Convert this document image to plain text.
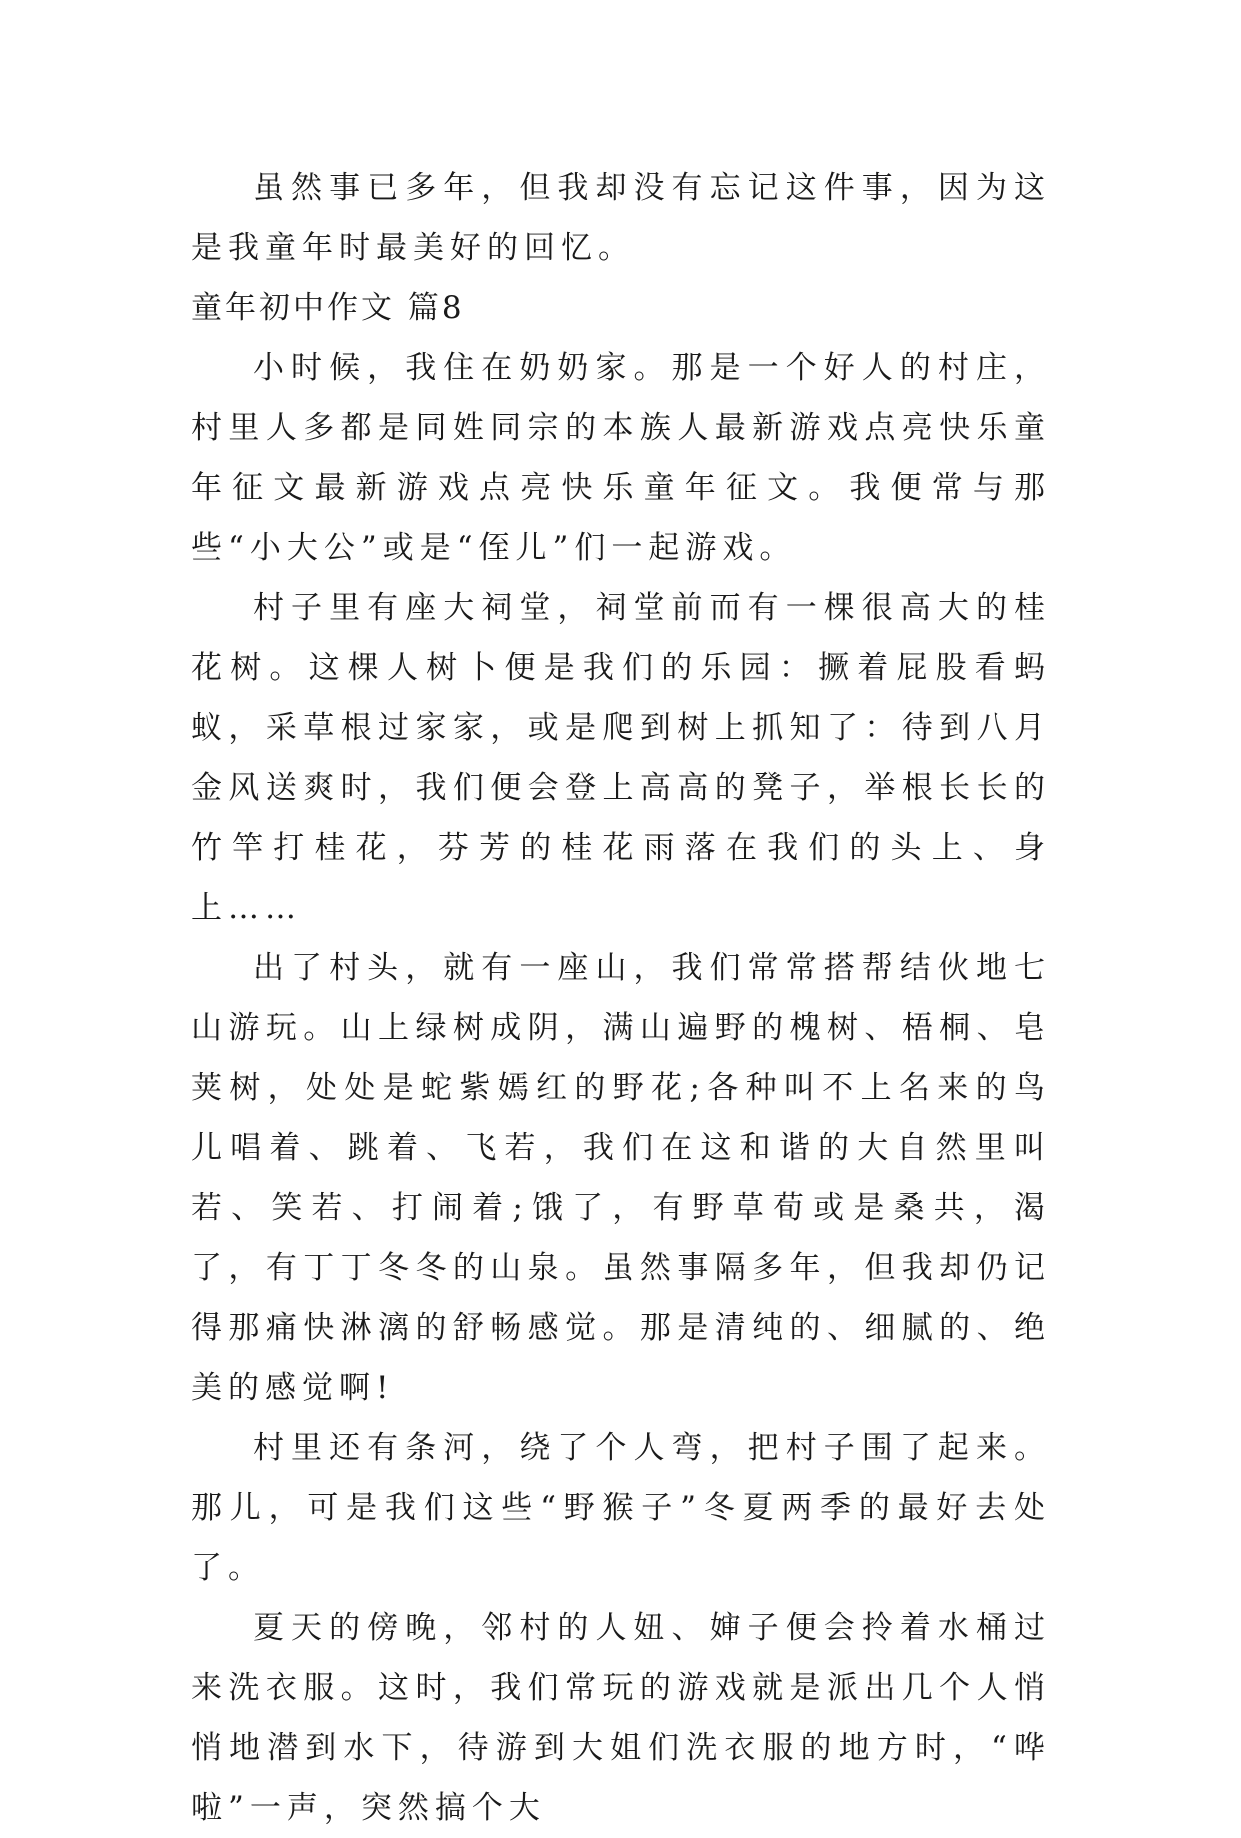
虽然事已多年，但我却没有忘记这件事，因为这是我童年时最美好的回忆。

童年初中作文 篇8

小时候，我住在奶奶家。那是一个好人的村庄，村里人多都是同姓同宗的本族人最新游戏点亮快乐童年征文最新游戏点亮快乐童年征文。我便常与那些“小大公”或是“侄儿”们一起游戏。

村子里有座大祠堂，祠堂前而有一棵很高大的桂花树。这棵人树卜便是我们的乐园：撅着屁股看蚂蚁，采草根过家家，或是爬到树上抓知了：待到八月金风送爽时，我们便会登上高高的凳子，举根长长的竹竿打桂花，芬芳的桂花雨落在我们的头上、身上……

出了村头，就有一座山，我们常常搭帮结伙地七山游玩。山上绿树成阴，满山遍野的槐树、梧桐、皂荚树，处处是蛇紫嫣红的野花;各种叫不上名来的鸟儿唱着、跳着、飞若，我们在这和谐的大自然里叫若、笑若、打闹着;饿了，有野草荀或是桑共，渴了，有丁丁冬冬的山泉。虽然事隔多年，但我却仍记得那痛快淋漓的舒畅感觉。那是清纯的、细腻的、绝美的感觉啊!

村里还有条河，绕了个人弯，把村子围了起来。那儿，可是我们这些“野猴子”冬夏两季的最好去处了。

夏天的傍晚，邻村的人妞、婶子便会拎着水桶过来洗衣服。这时，我们常玩的游戏就是派出几个人悄悄地潜到水下，待游到大姐们洗衣服的地方时，“哗啦”一声，突然搞个大
